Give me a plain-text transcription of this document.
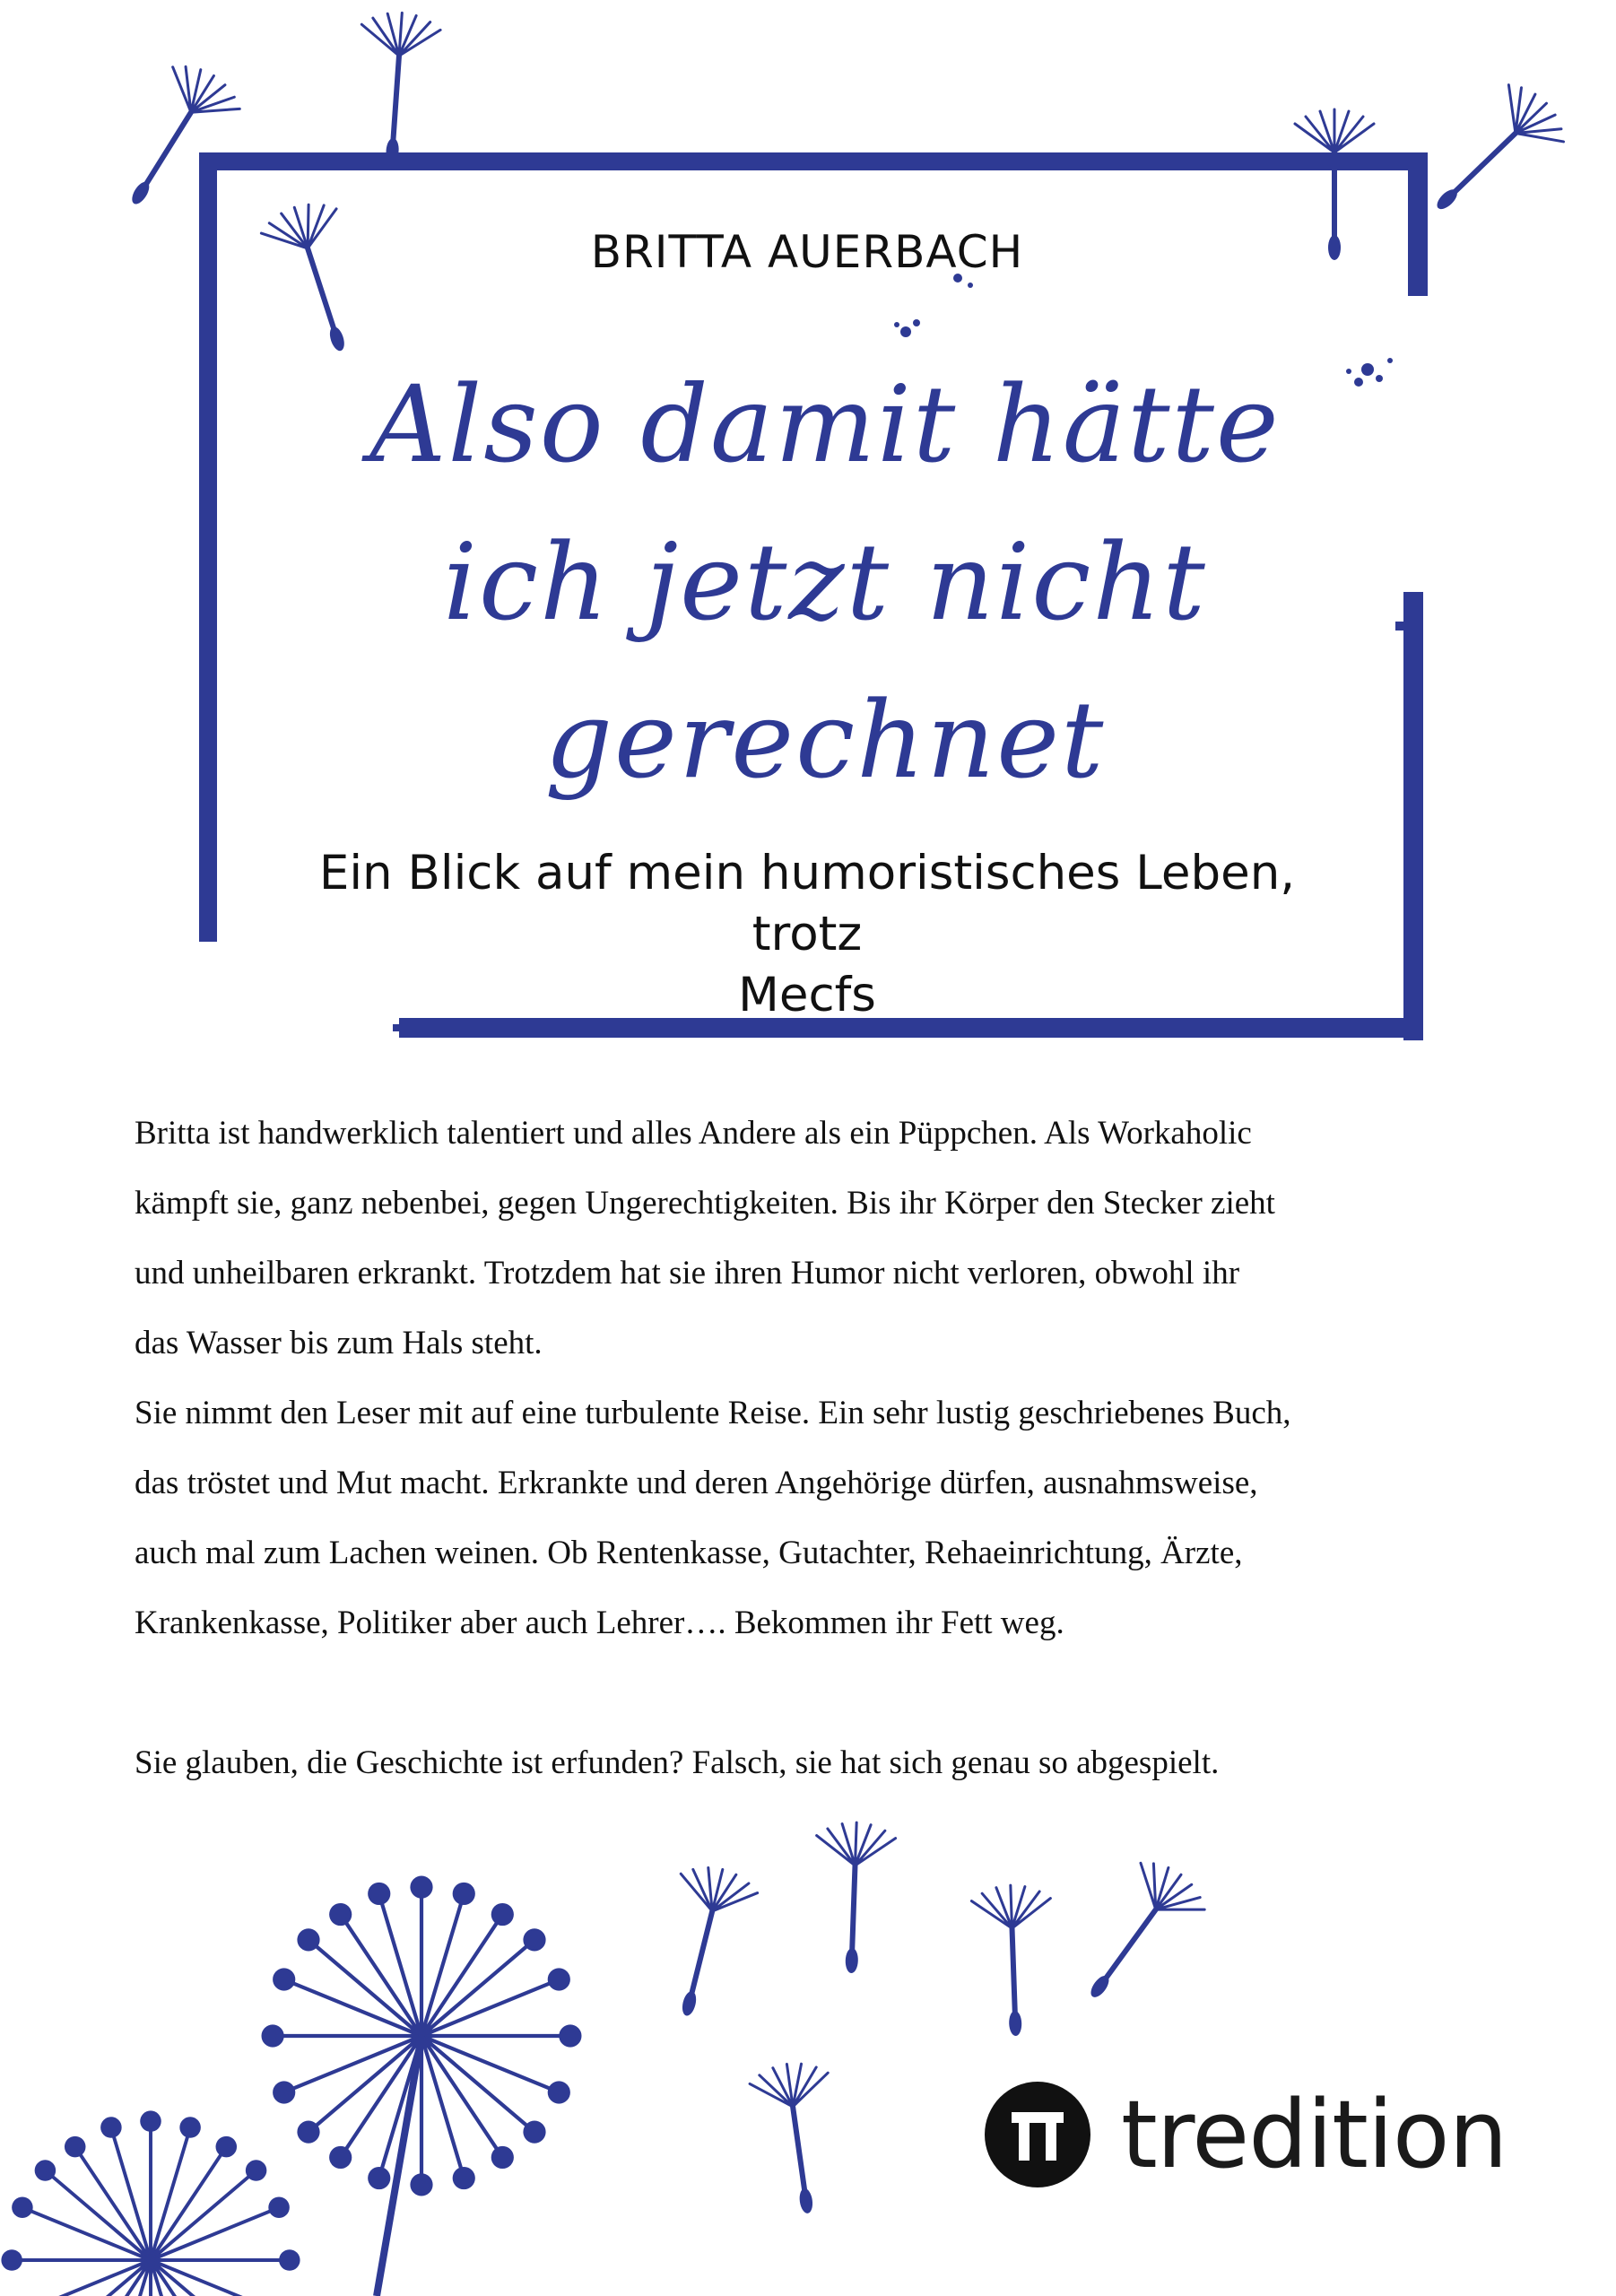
BRITTA AUERBACH
Also damit hätte
ich jetzt nicht
gerechnet
Ein Blick auf mein humoristisches Leben, trotz
Mecfs

Britta ist handwerklich talentiert und alles Andere als ein Püppchen. Als Workaholic
kämpft sie, ganz nebenbei, gegen Ungerechtigkeiten. Bis ihr Körper den Stecker zieht
und unheilbaren erkrankt. Trotzdem hat sie ihren Humor nicht verloren, obwohl ihr
das Wasser bis zum Hals steht.

Sie nimmt den Leser mit auf eine turbulente Reise. Ein sehr lustig geschriebenes Buch,
das tröstet und Mut macht. Erkrankte und deren Angehörige dürfen, ausnahmsweise,
auch mal zum Lachen weinen. Ob Rentenkasse, Gutachter, Rehaeinrichtung, Ärzte,
Krankenkasse, Politiker aber auch Lehrer…. Bekommen ihr Fett weg.

Sie glauben, die Geschichte ist erfunden? Falsch, sie hat sich genau so abgespielt.

tredition
